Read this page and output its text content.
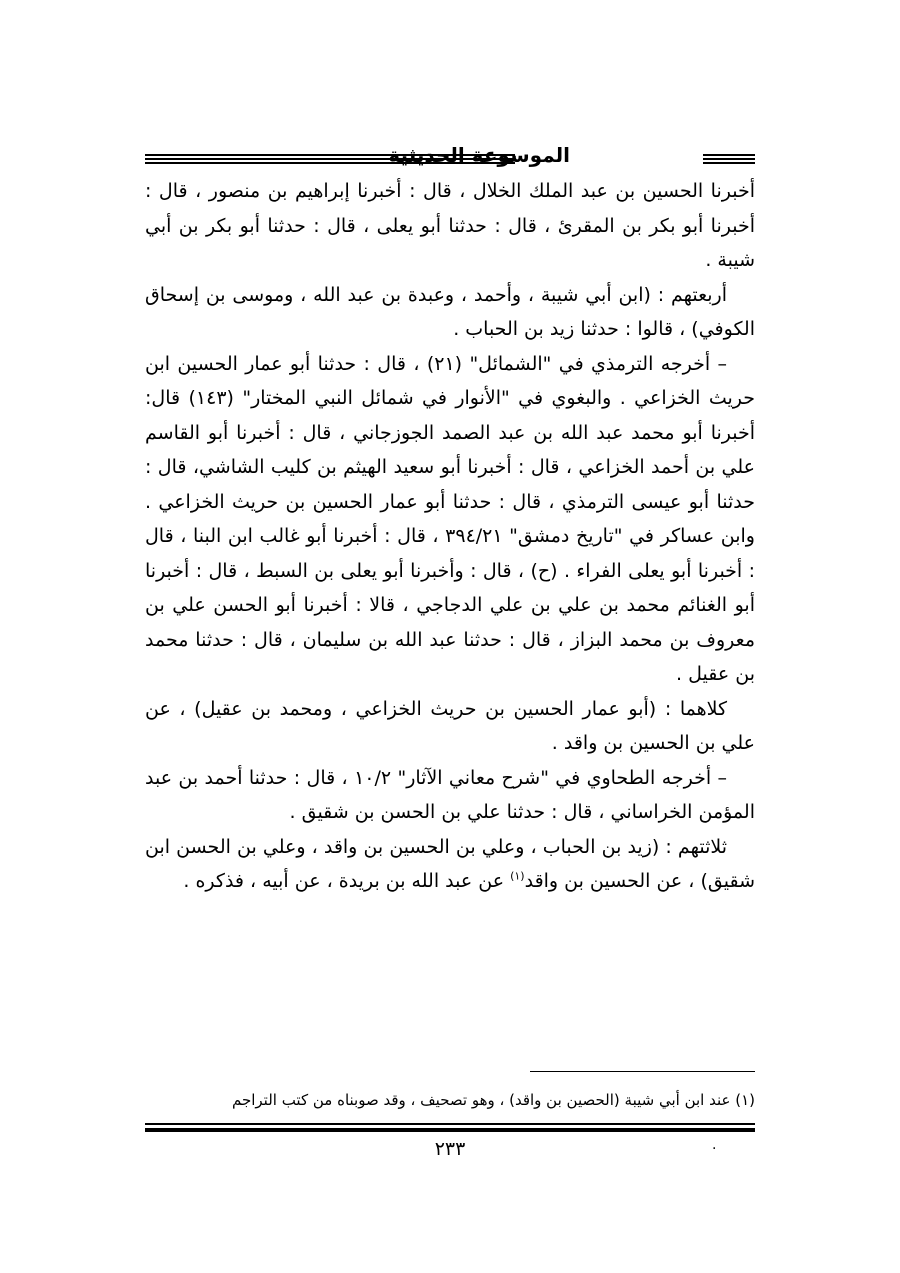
الموسوعة الحديثية

أخبرنا الحسين بن عبد الملك الخلال ، قال : أخبرنا إبراهيم بن منصور ، قال : أخبرنا أبو بكر بن المقرئ ، قال : حدثنا أبو يعلى ، قال : حدثنا أبو بكر بن أبي شيبة .

أربعتهم : (ابن أبي شيبة ، وأحمد ، وعبدة بن عبد الله ، وموسى بن إسحاق الكوفي) ، قالوا : حدثنا زيد بن الحباب .

– أخرجه الترمذي في "الشمائل" (٢١) ، قال : حدثنا أبو عمار الحسين ابن حريث الخزاعي . والبغوي في "الأنوار في شمائل النبي المختار" (١٤٣) قال: أخبرنا أبو محمد عبد الله بن عبد الصمد الجوزجاني ، قال : أخبرنا أبو القاسم علي بن أحمد الخزاعي ، قال : أخبرنا أبو سعيد الهيثم بن كليب الشاشي، قال : حدثنا أبو عيسى الترمذي ، قال : حدثنا أبو عمار الحسين بن حريث الخزاعي . وابن عساكر في "تاريخ دمشق" ٣٩٤/٢١ ، قال : أخبرنا أبو غالب ابن البنا ، قال : أخبرنا أبو يعلى الفراء . (ح) ، قال : وأخبرنا أبو يعلى بن السبط ، قال : أخبرنا أبو الغنائم محمد بن علي بن علي الدجاجي ، قالا : أخبرنا أبو الحسن علي بن معروف بن محمد البزاز ، قال : حدثنا عبد الله بن سليمان ، قال : حدثنا محمد بن عقيل .

كلاهما : (أبو عمار الحسين بن حريث الخزاعي ، ومحمد بن عقيل) ، عن علي بن الحسين بن واقد .

– أخرجه الطحاوي في "شرح معاني الآثار" ١٠/٢ ، قال : حدثنا أحمد بن عبد المؤمن الخراساني ، قال : حدثنا علي بن الحسن بن شقيق .

ثلاثتهم : (زيد بن الحباب ، وعلي بن الحسين بن واقد ، وعلي بن الحسن ابن شقيق) ، عن الحسين بن واقد$^{(١)}$ عن عبد الله بن بريدة ، عن أبيه ، فذكره .

(١) عند ابن أبي شيبة (الحصين بن واقد) ، وهو تصحيف ، وقد صوبناه من كتب التراجم
.
٢٣٣
